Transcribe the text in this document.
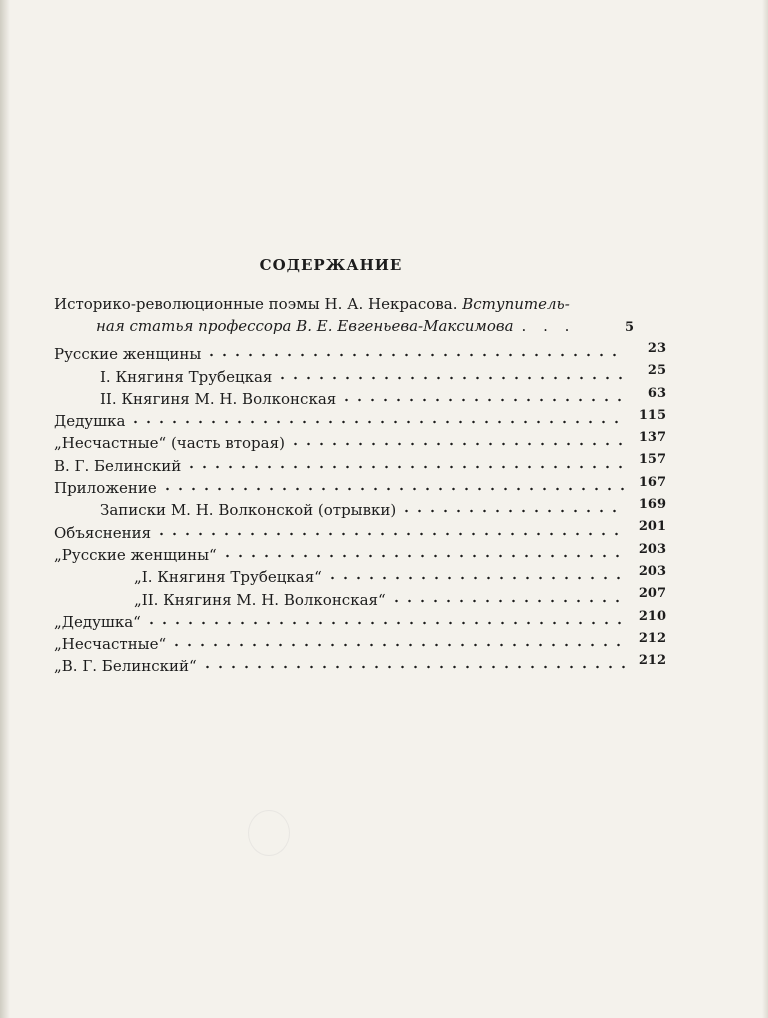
СОДЕРЖАНИЕ
Историко-революционные поэмы Н. А. Некрасова. Вступитель-
ная статья профессора В. Е. Евгеньева-Максимова . . .	5
Русские женщины	23
I. Княгиня Трубецкая	25
II. Княгиня М. Н. Волконская	63
Дедушка	115
„Несчастные“ (часть вторая)	137
В. Г. Белинский	157
Приложение	167
Записки М. Н. Волконской (отрывки)	169
Объяснения	201
„Русские женщины“	203
„I. Княгиня Трубецкая“	203
„II. Княгиня М. Н. Волконская“	207
„Дедушка“	210
„Несчастные“	212
„В. Г. Белинский“	212
